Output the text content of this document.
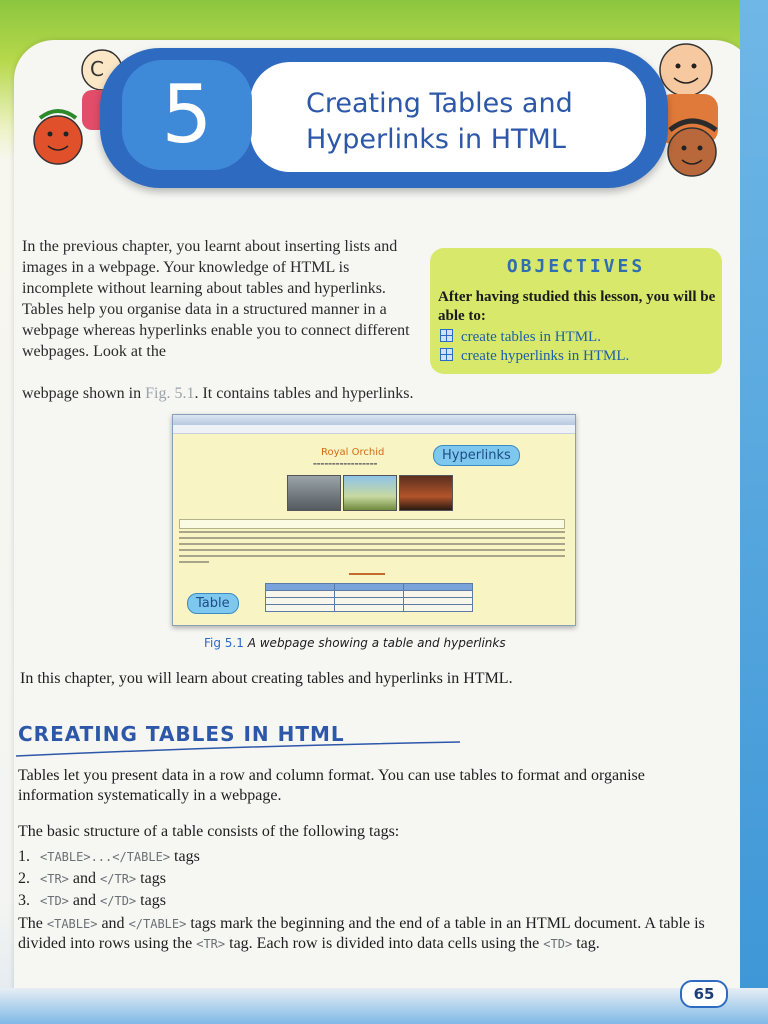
C 5	Creating Tables and
Hyperlinks in HTML
In the previous chapter, you learnt about inserting lists and images in a webpage. Your knowledge of HTML is incomplete without learning about tables and hyperlinks. Tables help you organise data in a structured manner in a webpage whereas hyperlinks enable you to connect different webpages. Look at the
webpage shown in Fig. 5.1. It contains tables and hyperlinks.
OBJECTIVES
After having studied this lesson, you will be able to:
create tables in HTML.
create hyperlinks in HTML.
Royal Orchid
▬▬▬▬▬▬▬▬▬▬▬▬▬▬▬▬▬

Hyperlinks
Table
Fig 5.1 A webpage showing a table and hyperlinks
In this chapter, you will learn about creating tables and hyperlinks in HTML.
CREATING TABLES IN HTML
Tables let you present data in a row and column format. You can use tables to format and organise information systematically in a webpage.
The basic structure of a table consists of the following tags:
1. <TABLE>...</TABLE> tags
2. <TR> and </TR> tags
3. <TD> and </TD> tags
The <TABLE> and </TABLE> tags mark the beginning and the end of a table in an HTML document. A table is divided into rows using the <TR> tag. Each row is divided into data cells using the <TD> tag.
65
